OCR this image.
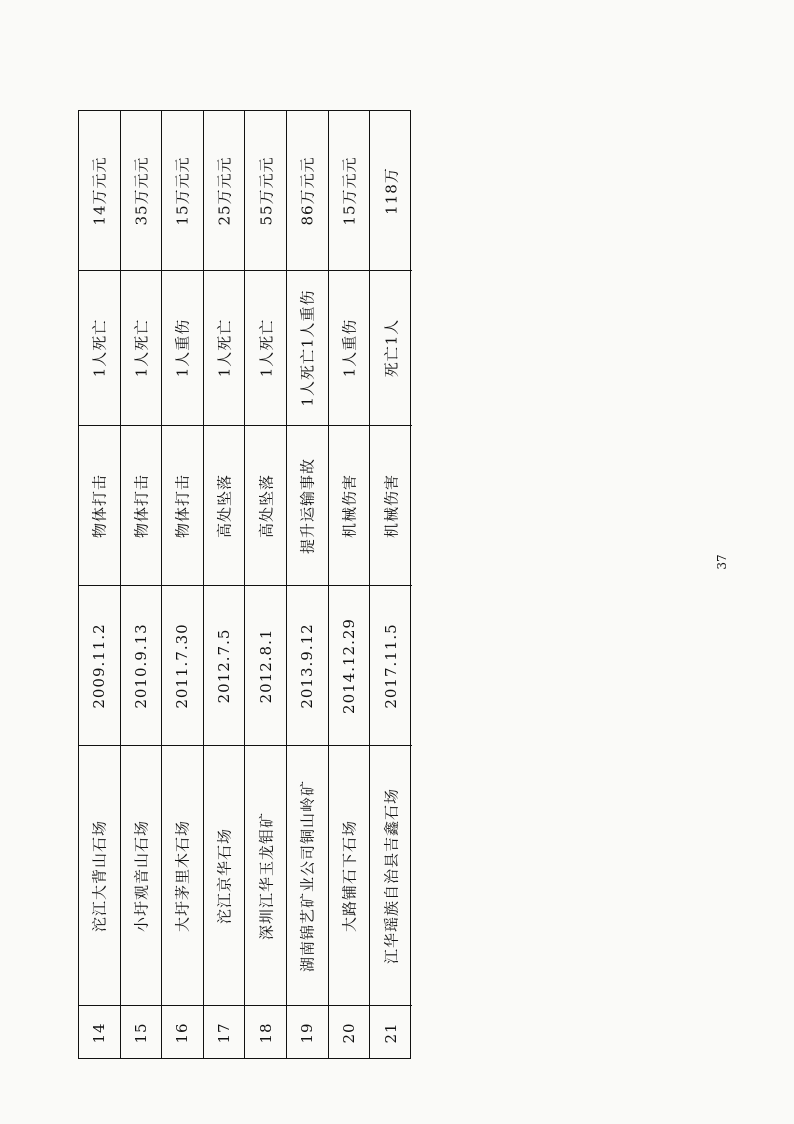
14万元元
1人死亡
物体打击
2009.11.2
沱江大背山石场
14
35万元元
1人死亡
物体打击
2010.9.13
小圩观音山石场
15
15万元元
1人重伤
物体打击
2011.7.30
大圩茅里木石场
16
25万元元
1人死亡
高处坠落
2012.7.5
沱江京华石场
17
55万元元
1人死亡
高处坠落
2012.8.1
深圳江华玉龙钼矿
18
86万元元
1人死亡1人重伤
提升运输事故
2013.9.12
湖南锦艺矿业公司铜山岭矿
19
15万元元
1人重伤
机械伤害
2014.12.29
大路铺石下石场
20
118万
死亡1人
机械伤害
2017.11.5
江华瑶族自治县吉鑫石场
21
37
